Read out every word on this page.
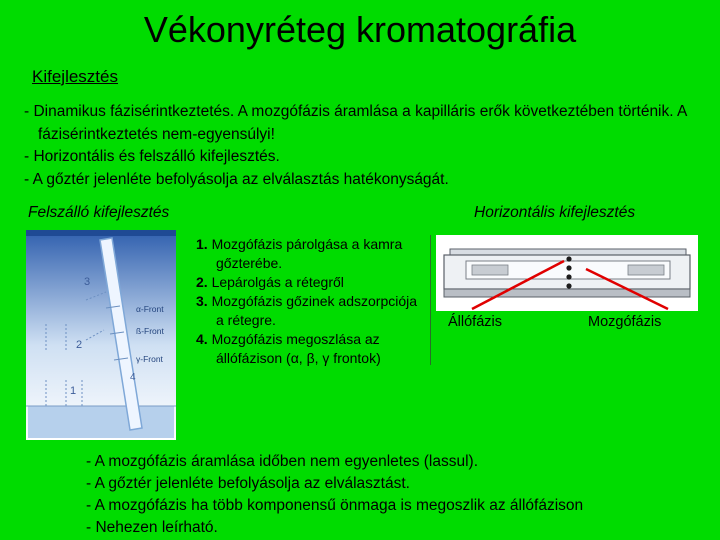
Vékonyréteg kromatográfia
Kifejlesztés
- Dinamikus fázisérintkeztetés. A mozgófázis áramlása a kapilláris erők következtében történik. A fázisérintkeztetés nem-egyensúlyi!
- Horizontális és felszálló kifejlesztés.
- A gőztér jelenléte befolyásolja az elválasztás hatékonyságát.
Felszálló kifejlesztés	Horizontális kifejlesztés
3
2
1
4
α-Front
ß-Front
γ-Front
1. Mozgófázis párolgása a kamra gőzterébe.
2. Lepárolgás a rétegről
3. Mozgófázis gőzinek adszorpciója a rétegre.
4. Mozgófázis megoszlása az állófázison (α, β, γ frontok)
Állófázis	Mozgófázis
- A mozgófázis áramlása időben nem egyenletes (lassul).
- A gőztér jelenléte befolyásolja az elválasztást.
- A mozgófázis ha több komponensű önmaga is megoszlik az állófázison
- Nehezen leírható.
